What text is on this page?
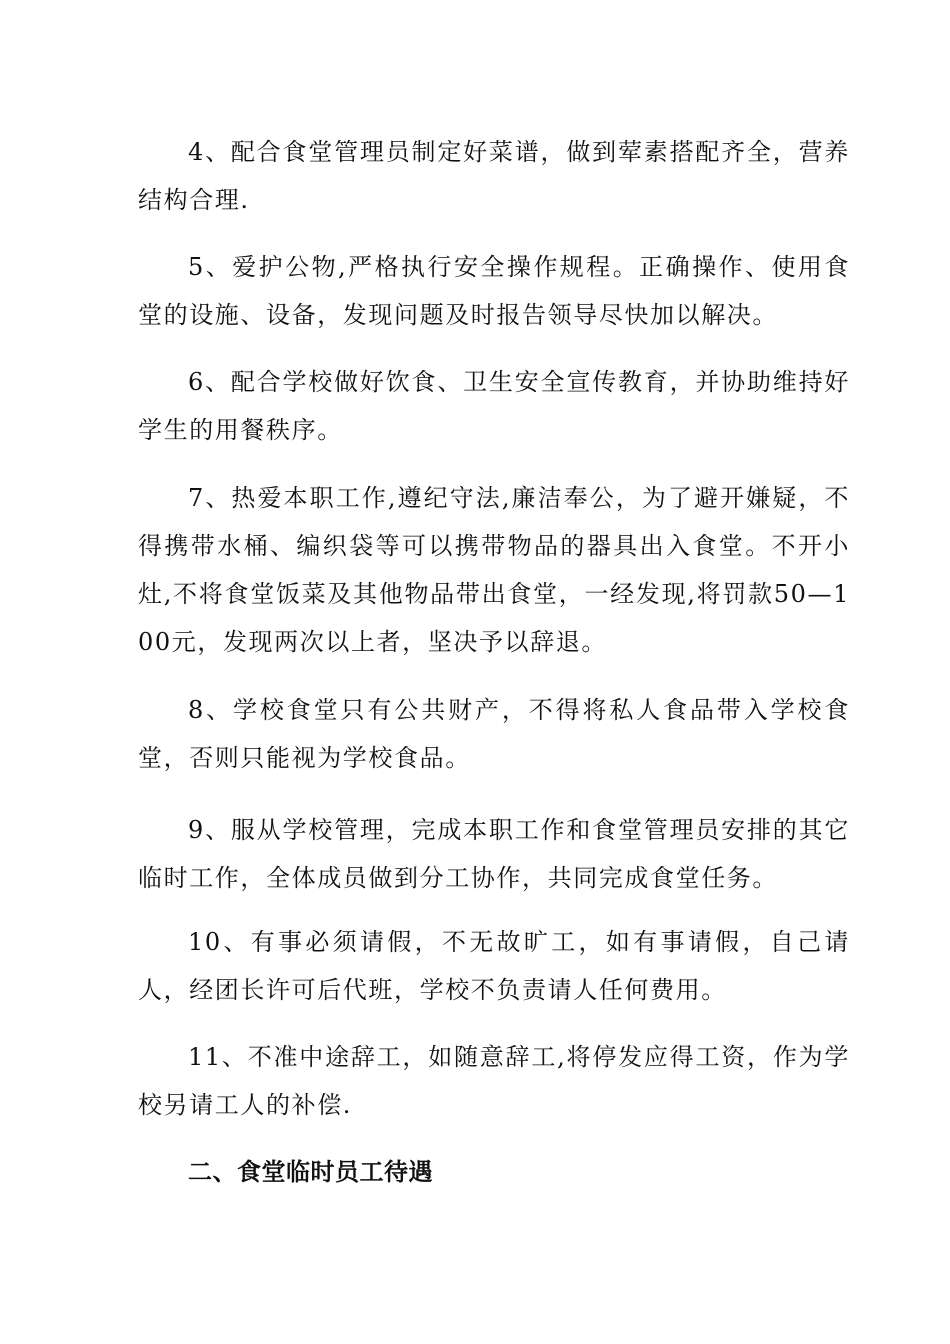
4、配合食堂管理员制定好菜谱，做到荤素搭配齐全，营养结构合理.

5、爱护公物,严格执行安全操作规程。正确操作、使用食堂的设施、设备，发现问题及时报告领导尽快加以解决。

6、配合学校做好饮食、卫生安全宣传教育，并协助维持好学生的用餐秩序。

7、热爱本职工作,遵纪守法,廉洁奉公，为了避开嫌疑，不得携带水桶、编织袋等可以携带物品的器具出入食堂。不开小灶,不将食堂饭菜及其他物品带出食堂，一经发现,将罚款50—100元，发现两次以上者，坚决予以辞退。

8、学校食堂只有公共财产，不得将私人食品带入学校食堂，否则只能视为学校食品。

9、服从学校管理，完成本职工作和食堂管理员安排的其它临时工作，全体成员做到分工协作，共同完成食堂任务。

10、有事必须请假，不无故旷工，如有事请假，自己请人，经团长许可后代班，学校不负责请人任何费用。

11、不准中途辞工，如随意辞工,将停发应得工资，作为学校另请工人的补偿.

二、食堂临时员工待遇
